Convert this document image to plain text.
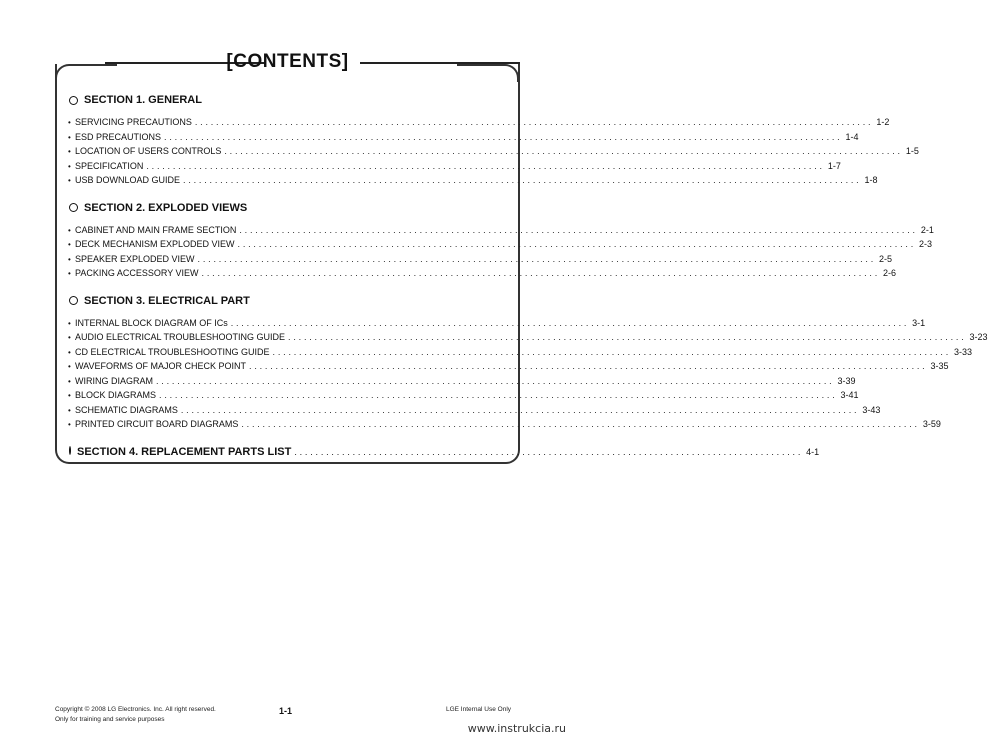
[CONTENTS]
SECTION 1. GENERAL
• SERVICING PRECAUTIONS ................................................................................................................................ 1-2
• ESD PRECAUTIONS ................................................................................................................................ 1-4
• LOCATION OF USERS CONTROLS ................................................................................................................................ 1-5
• SPECIFICATION ................................................................................................................................ 1-7
• USB DOWNLOAD GUIDE ................................................................................................................................ 1-8
SECTION 2. EXPLODED VIEWS
• CABINET AND MAIN FRAME SECTION ................................................................................................................................ 2-1
• DECK MECHANISM EXPLODED VIEW ................................................................................................................................ 2-3
• SPEAKER EXPLODED VIEW ................................................................................................................................ 2-5
• PACKING ACCESSORY VIEW ................................................................................................................................ 2-6
SECTION 3. ELECTRICAL PART
• INTERNAL BLOCK DIAGRAM OF ICs ................................................................................................................................ 3-1
• AUDIO ELECTRICAL TROUBLESHOOTING GUIDE ................................................................................................................................ 3-23
• CD ELECTRICAL TROUBLESHOOTING GUIDE ................................................................................................................................ 3-33
• WAVEFORMS OF MAJOR CHECK POINT ................................................................................................................................ 3-35
• WIRING DIAGRAM ................................................................................................................................ 3-39
• BLOCK DIAGRAMS ................................................................................................................................ 3-41
• SCHEMATIC DIAGRAMS ................................................................................................................................ 3-43
• PRINTED CIRCUIT BOARD DIAGRAMS ................................................................................................................................ 3-59
SECTION 4. REPLACEMENT PARTS LIST ................................................................................................ 4-1
Copyright © 2008 LG Electronics. Inc. All right reserved.
Only for training and service purposes
1-1	LGE Internal Use Only
www.instrukcia.ru
